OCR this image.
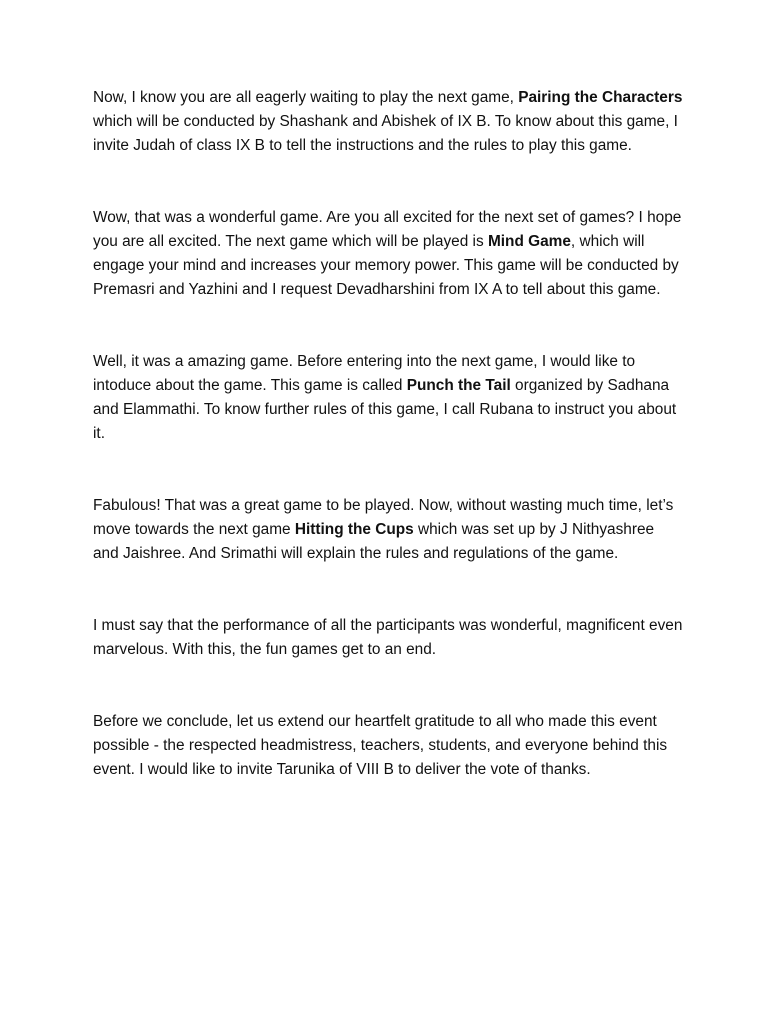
Now, I know you are all eagerly waiting to play the next game, Pairing the Characters which will be conducted by Shashank and Abishek of IX B. To know about this game, I invite Judah of class IX B to tell the instructions and the rules to play this game.

Wow, that was a wonderful game. Are you all excited for the next set of games? I hope you are all excited. The next game which will be played is Mind Game, which will engage your mind and increases your memory power. This game will be conducted by Premasri and Yazhini and I request Devadharshini from IX A to tell about this game.

Well, it was a amazing game. Before entering into the next game, I would like to intoduce about the game. This game is called Punch the Tail organized by Sadhana and Elammathi. To know further rules of this game, I call Rubana to instruct you about it.

Fabulous! That was a great game to be played. Now, without wasting much time, let’s move towards the next game Hitting the Cups which was set up by J Nithyashree and Jaishree. And Srimathi will explain the rules and regulations of the game.

I must say that the performance of all the participants was wonderful, magnificent even marvelous. With this, the fun games get to an end.

Before we conclude, let us extend our heartfelt gratitude to all who made this event possible - the respected headmistress, teachers, students, and everyone behind this event. I would like to invite Tarunika of VIII B to deliver the vote of thanks.
